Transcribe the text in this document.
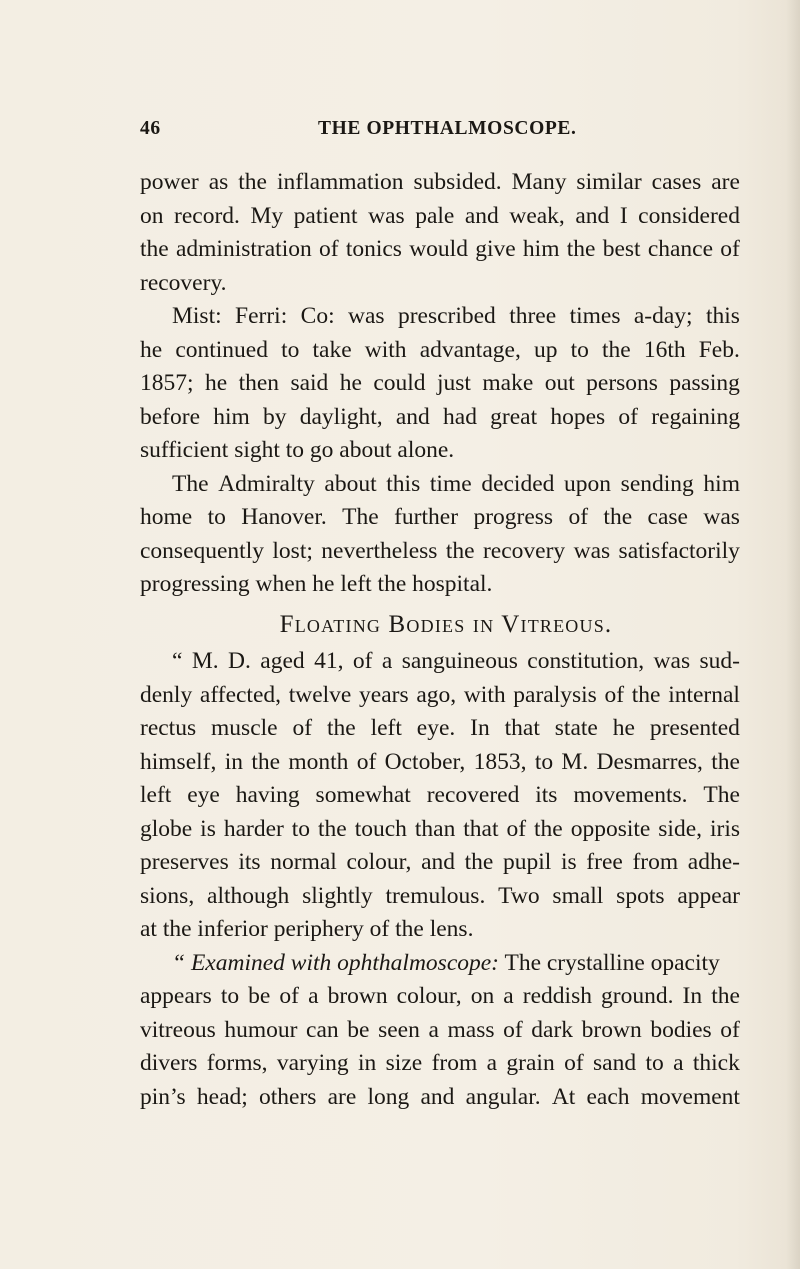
46	THE OPHTHALMOSCOPE.
power as the inflammation subsided. Many similar cases are
on record. My patient was pale and weak, and I considered
the administration of tonics would give him the best chance of
recovery.
Mist: Ferri: Co: was prescribed three times a-day; this
he continued to take with advantage, up to the 16th Feb.
1857; he then said he could just make out persons passing
before him by daylight, and had great hopes of regaining
sufficient sight to go about alone.
The Admiralty about this time decided upon sending him
home to Hanover. The further progress of the case was
consequently lost; nevertheless the recovery was satisfactorily
progressing when he left the hospital.
Floating Bodies in Vitreous.
“ M. D. aged 41, of a sanguineous constitution, was sud-
denly affected, twelve years ago, with paralysis of the internal
rectus muscle of the left eye. In that state he presented
himself, in the month of October, 1853, to M. Desmarres, the
left eye having somewhat recovered its movements. The
globe is harder to the touch than that of the opposite side, iris
preserves its normal colour, and the pupil is free from adhe-
sions, although slightly tremulous. Two small spots appear
at the inferior periphery of the lens.
“ Examined with ophthalmoscope: The crystalline opacity
appears to be of a brown colour, on a reddish ground. In the
vitreous humour can be seen a mass of dark brown bodies of
divers forms, varying in size from a grain of sand to a thick
pin’s head; others are long and angular. At each movement
